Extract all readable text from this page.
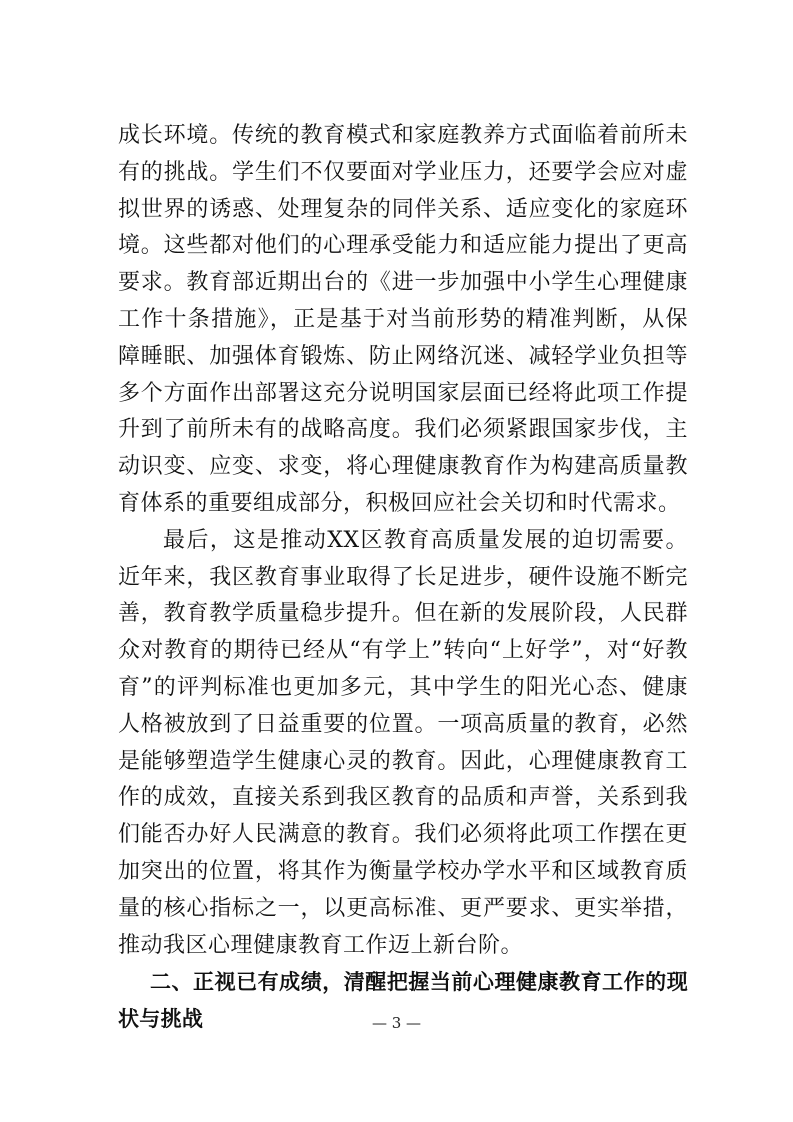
成长环境。传统的教育模式和家庭教养方式面临着前所未有的挑战。学生们不仅要面对学业压力，还要学会应对虚拟世界的诱惑、处理复杂的同伴关系、适应变化的家庭环境。这些都对他们的心理承受能力和适应能力提出了更高要求。教育部近期出台的《进一步加强中小学生心理健康工作十条措施》，正是基于对当前形势的精准判断，从保障睡眠、加强体育锻炼、防止网络沉迷、减轻学业负担等多个方面作出部署这充分说明国家层面已经将此项工作提升到了前所未有的战略高度。我们必须紧跟国家步伐，主动识变、应变、求变，将心理健康教育作为构建高质量教育体系的重要组成部分，积极回应社会关切和时代需求。

最后，这是推动XX区教育高质量发展的迫切需要。近年来，我区教育事业取得了长足进步，硬件设施不断完善，教育教学质量稳步提升。但在新的发展阶段，人民群众对教育的期待已经从“有学上”转向“上好学”，对“好教育”的评判标准也更加多元，其中学生的阳光心态、健康人格被放到了日益重要的位置。一项高质量的教育，必然是能够塑造学生健康心灵的教育。因此，心理健康教育工作的成效，直接关系到我区教育的品质和声誉，关系到我们能否办好人民满意的教育。我们必须将此项工作摆在更加突出的位置，将其作为衡量学校办学水平和区域教育质量的核心指标之一，以更高标准、更严要求、更实举措，推动我区心理健康教育工作迈上新台阶。

二、正视已有成绩，清醒把握当前心理健康教育工作的现状与挑战	— 3 —
